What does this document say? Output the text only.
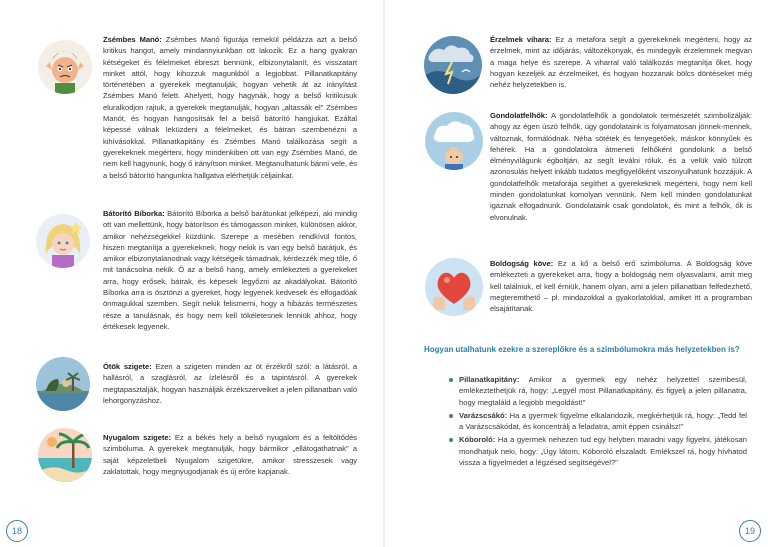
Zsémbes Manó: Zsémbes Manó figurája remekül példázza azt a belső kritikus hangot, amely mindannyiunkban ott lakozik. Ez a hang gyakran kétségeket és félelmeket ébreszt bennünk, elbizonytalanít, és visszatart minket attól, hogy kihozzuk magunkból a legjobbat. Pillanatkapitány történetében a gyerekek megtanulják, hogyan vehetik át az irányítást Zsémbes Manó felett. Ahelyett, hogy hagynák, hogy a belső kritikusuk eluralkodjon rajtuk, a gyerekek megtanulják, hogyan „altassák el" Zsémbes Manót, és hogyan hangosítsák fel a belső bátorító hangjukat. Ezáltal képessé válnak leküzdeni a félelmeiket, és bátran szembenézni a kihívásokkal. Pillanatkapitány és Zsémbes Manó találkozása segít a gyerekeknek megérteni, hogy mindenkiben ott van egy Zsémbes Manó, de nem kell hagynunk, hogy ő irányítson minket. Megtanulhatunk bánni vele, és a belső bátorító hangunkra hallgatva elérhetjük céljainkat.

Bátorító Bíborka: Bátorító Bíborka a belső barátunkat jelképezi, aki mindig ott van mellettünk, hogy bátorítson és támogasson minket, különösen akkor, amikor nehézségekkel küzdünk. Szerepe a mesében rendkívül fontos, hiszen megtanítja a gyerekeknek, hogy nekik is van egy belső barátjuk, és amikor elbizonytalanodnak vagy kétségeik támadnak, kérdezzék meg tőle, ő mit tanácsolna nekik. Ő az a belső hang, amely emlékezteti a gyerekeket arra, hogy erősek, bátrak, és képesek legyőzni az akadályokat. Bátorító Bíborka arra is ösztönzi a gyereket, hogy legyenek kedvesek és elfogadóak önmagukkal szemben. Segít nekik felismerni, hogy a hibázás természetes része a tanulásnak, és hogy nem kell tökéletesnek lenniük ahhoz, hogy értékesek legyenek.

Ötök szigete: Ezen a szigeten minden az öt érzékről szól: a látásról, a hallásról, a szaglásról, az ízlelésről és a tapintásról. A gyerekek megtapasztalják, hogyan használják érzékszerveiket a jelen pillanatban való lehorgonyzáshoz.

Nyugalom szigete: Ez a békés hely a belső nyugalom és a feltöltődés szimbóluma. A gyerekek megtanulják, hogy bármikor „ellátogathatnak" a saját képzeletbeli Nyugalom szigetükre, amikor stresszesek vagy zaklatottak, hogy megnyugodjanak és új erőre kapjanak.

18

Érzelmek vihara: Ez a metafora segít a gyerekeknek megérteni, hogy az érzelmek, mint az időjárás, változékonyak, és mindegyik érzelemnek megvan a maga helye és szerepe. A viharral való találkozás megtanítja őket, hogy hogyan kezeljék az érzelmeiket, és hogyan hozzanak bölcs döntéseket még nehéz helyzetekben is.

Gondolatfelhők: A gondolatfelhők a gondolatok természetét szimbolizálják: ahogy az égen úszó felhők, úgy gondolataink is folyamatosan jönnek-mennek, változnak, formálódnak. Néha sötétek és fenyegetőek, máskor könnyűek és fehérek. Ha a gondolatokra átmeneti felhőként gondolunk a belső élményvilágunk égboltján, az segít leválni róluk, és a velük való túlzott azonosulás helyett inkább tudatos megfigyelőként viszonyulhatunk hozzájuk. A gondolatfelhők metaforája segíthet a gyerekeknek megérteni, hogy nem kell minden gondolatunkat komolyan vennünk. Nem kell minden gondolatunkat igaznak elfogadnunk. Gondolataink csak gondolatok, és mint a felhők, ők is elvonulnak.

Boldogság köve: Ez a kő a belső erő szimbóluma. A Boldogság köve emlékezteti a gyerekeket arra, hogy a boldogság nem olyasvalami, amit meg kell találniuk, el kell érniük, hanem olyan, ami a jelen pillanatban felfedezhető, megteremthető – pl. mindazokkal a gyakorlatokkal, amiket itt a programban elsajátítanak.

Hogyan utalhatunk ezekre a szereplőkre és a szimbólumokra más helyzetekben is?
Pillanatkapitány: Amikor a gyermek egy nehéz helyzettel szembesül, emlékeztethetjük rá, hogy: „Legyél most Pillanatkapitány, és figyelj a jelen pillanatra, hogy megtaláld a legjobb megoldást!"
Varázscsákó: Ha a gyermek figyelme elkalandozik, megkérhetjük rá, hogy: „Tedd fel a Varázscsákódat, és koncentrálj a feladatra, amit éppen csinálsz!"
Kóboroló: Ha a gyermek nehezen tud egy helyben maradni vagy figyelni, játékosan mondhatjuk neki, hogy: „Úgy látom, Kóboroló elszaladt. Emlékszel rá, hogy hívhatod vissza a figyelmedet a légzésed segítségével?"
19
